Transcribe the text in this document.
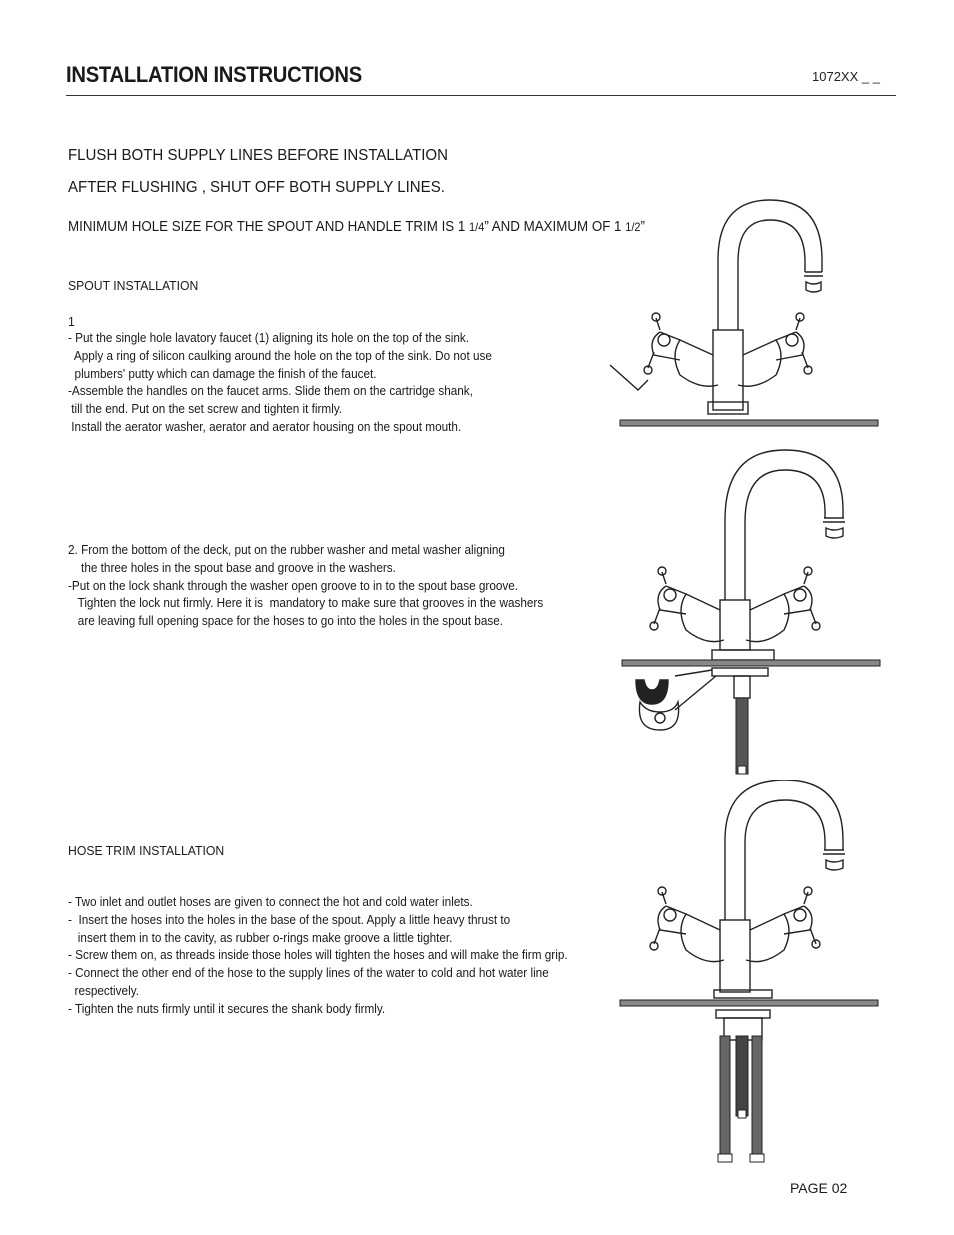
INSTALLATION INSTRUCTIONS	1072XX _ _
FLUSH BOTH SUPPLY LINES BEFORE INSTALLATION
AFTER FLUSHING , SHUT OFF BOTH SUPPLY LINES.
MINIMUM HOLE SIZE FOR THE SPOUT AND HANDLE TRIM IS 1 1/4” AND MAXIMUM OF 1 1/2”
SPOUT INSTALLATION
1
- Put the single hole lavatory faucet (1) aligning its hole on the top of the sink.
Apply a ring of silicon caulking around the hole on the top of the sink. Do not use
plumbers' putty which can damage the finish of the faucet.
-Assemble the handles on the faucet arms. Slide them on the cartridge shank,
till the end. Put on the set screw and tighten it firmly.
Install the aerator washer, aerator and aerator housing on the spout mouth.
2. From the bottom of the deck, put on the rubber washer and metal washer aligning
the three holes in the spout base and groove in the washers.
-Put on the lock shank through the washer open groove to in to the spout base groove.
Tighten the lock nut firmly. Here it is  mandatory to make sure that grooves in the washers
are leaving full opening space for the hoses to go into the holes in the spout base.
HOSE TRIM INSTALLATION
- Two inlet and outlet hoses are given to connect the hot and cold water inlets.
-  Insert the hoses into the holes in the base of the spout. Apply a little heavy thrust to
insert them in to the cavity, as rubber o-rings make groove a little tighter.
- Screw them on, as threads inside those holes will tighten the hoses and will make the firm grip.
- Connect the other end of the hose to the supply lines of the water to cold and hot water line
respectively.
- Tighten the nuts firmly until it secures the shank body firmly.
PAGE 02
